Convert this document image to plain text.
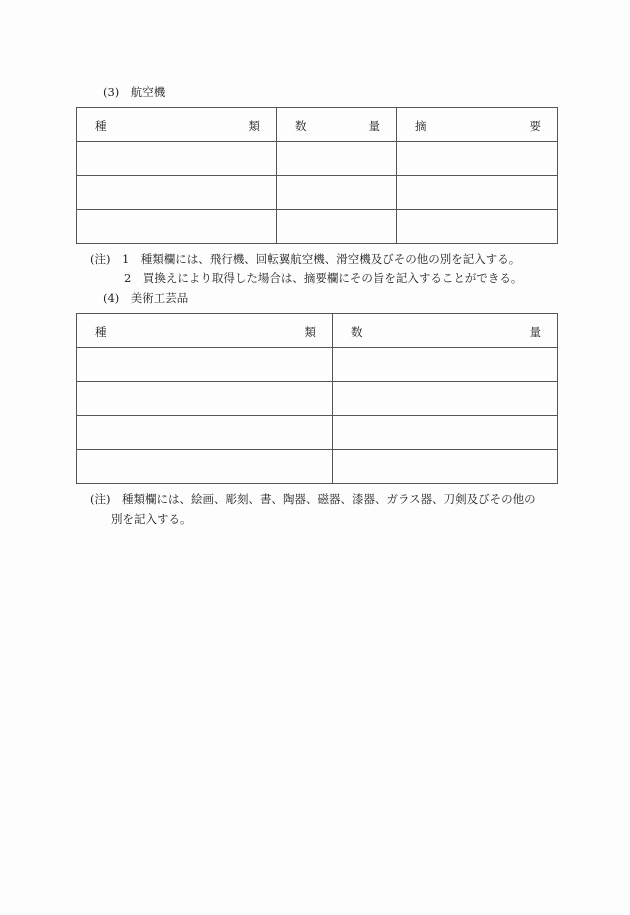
(3)　航空機
種 類	数 量	摘 要

(注)　1　種類欄には、飛行機、回転翼航空機、滑空機及びその他の別を記入する。
2　買換えにより取得した場合は、摘要欄にその旨を記入することができる。
(4)　美術工芸品
種 類	数 量

(注)　種類欄には、絵画、彫刻、書、陶器、磁器、漆器、ガラス器、刀剣及びその他の
別を記入する。
